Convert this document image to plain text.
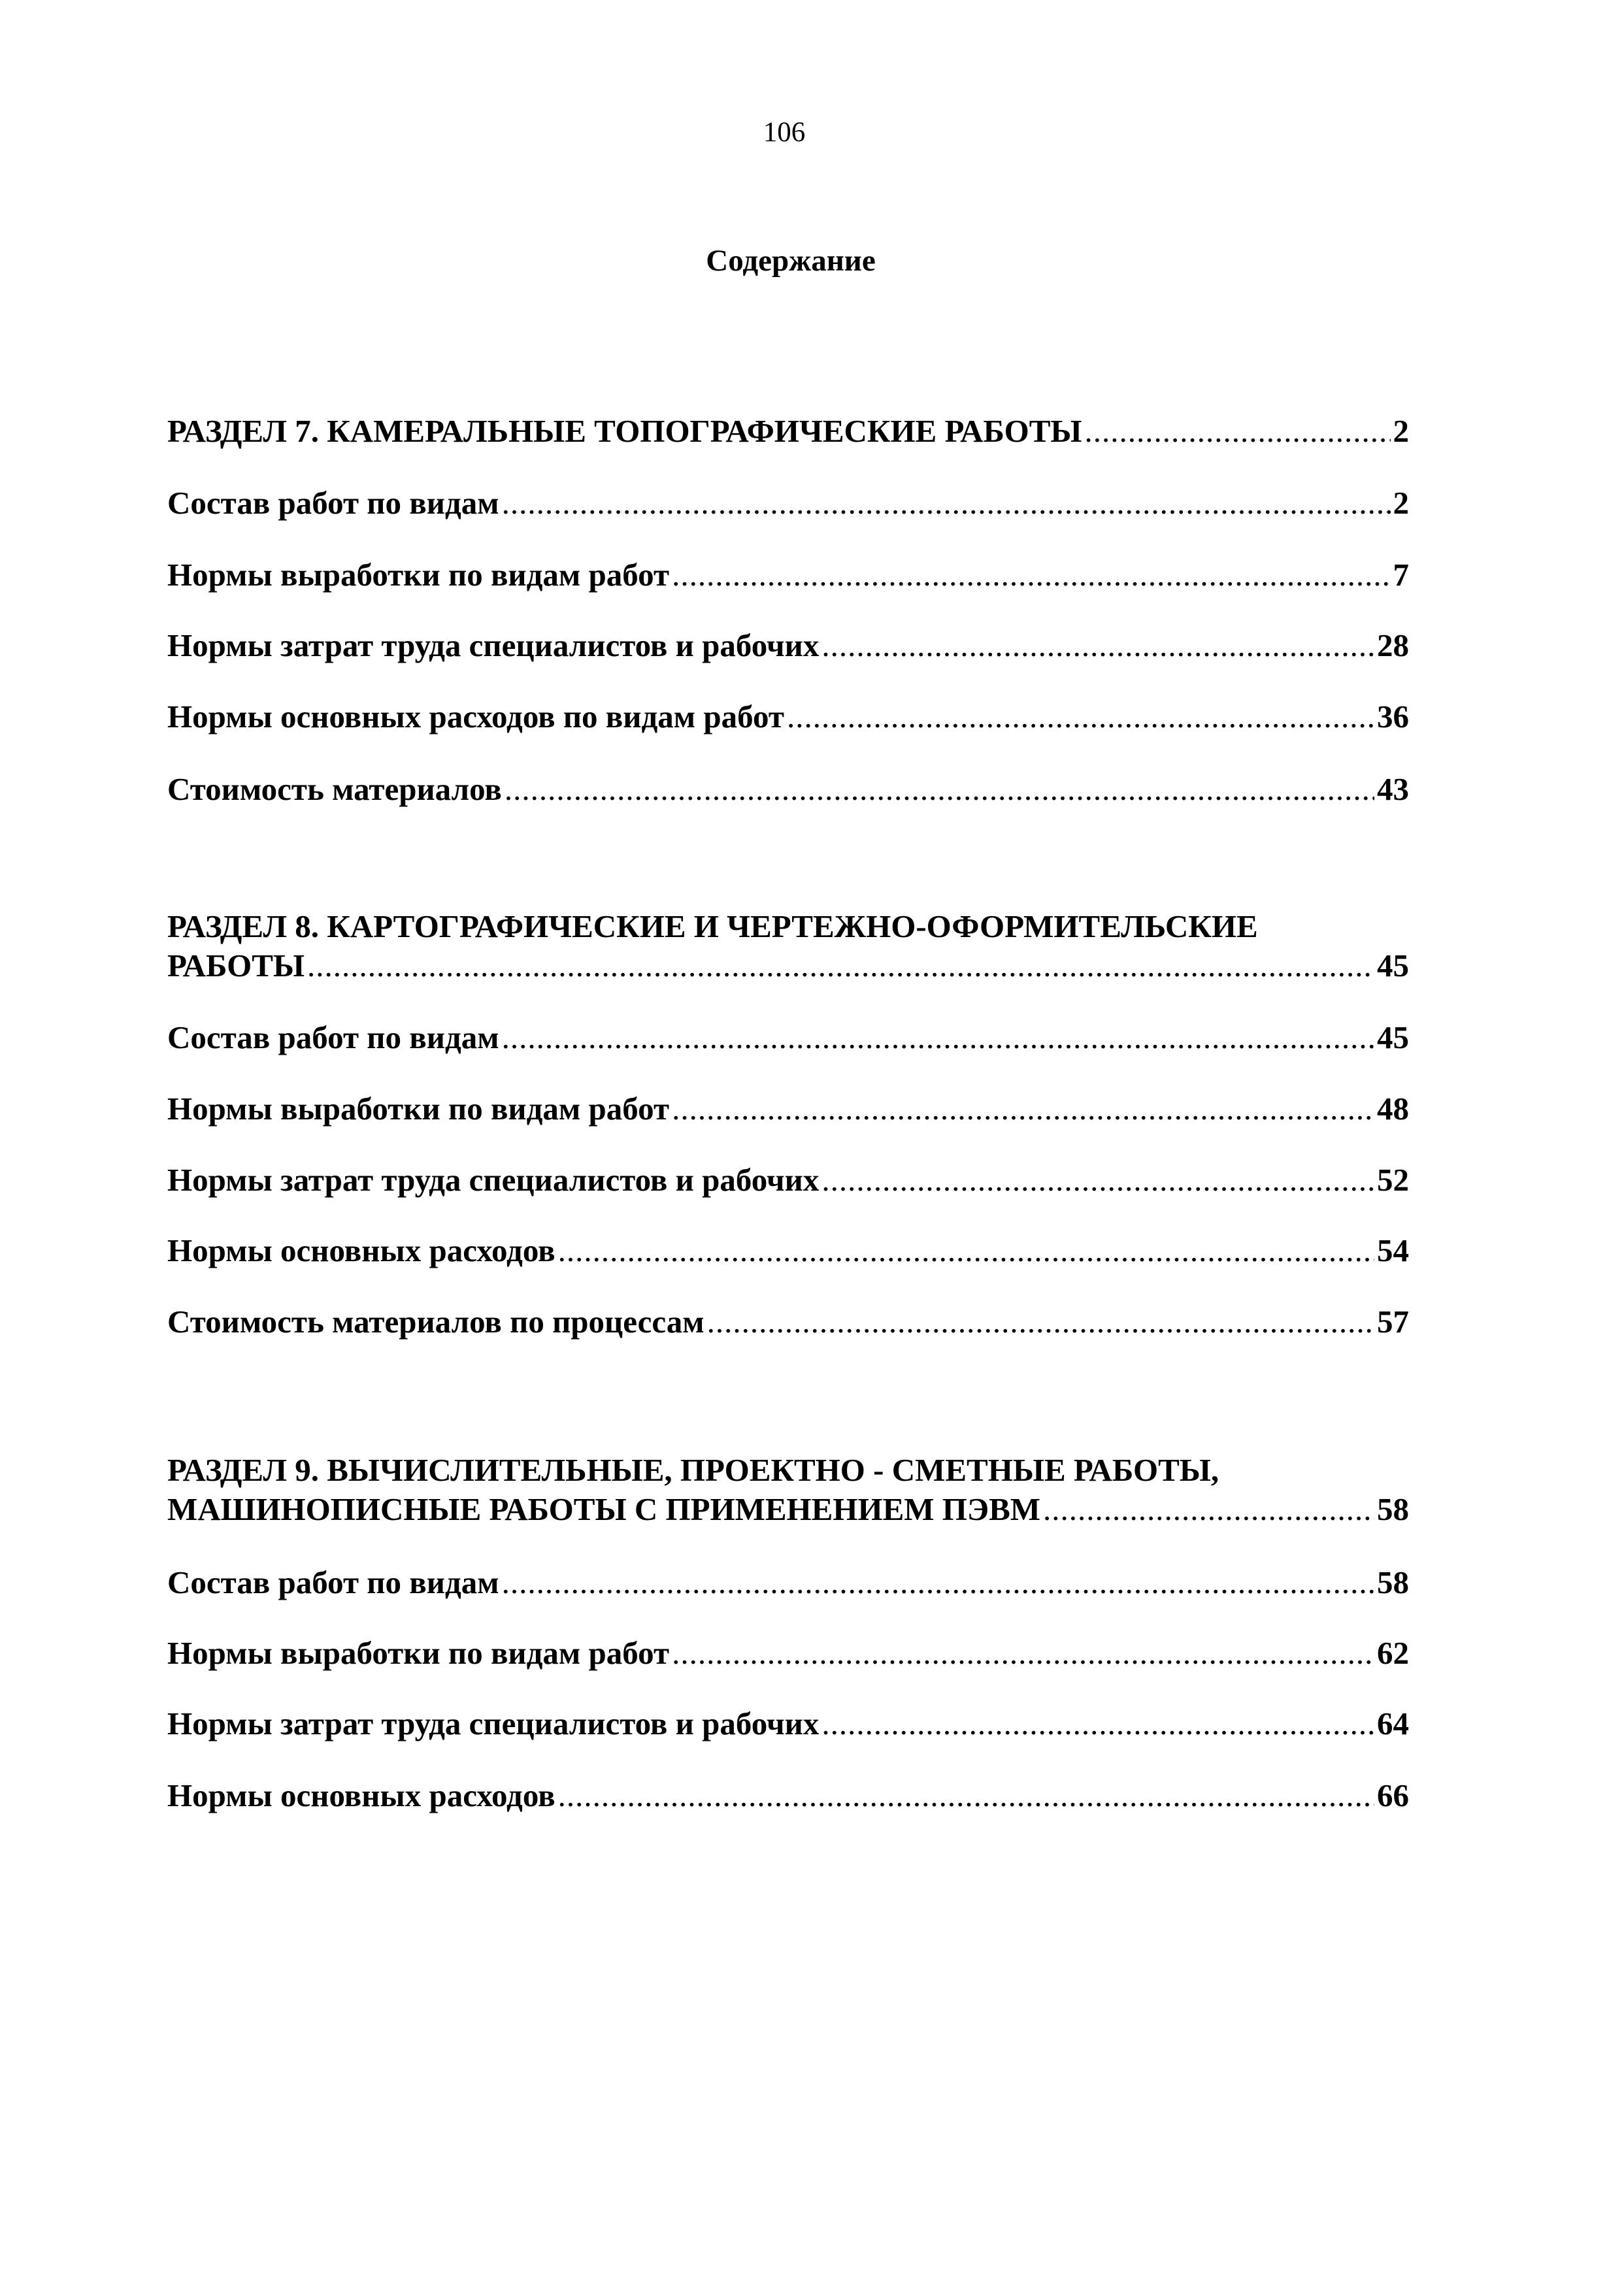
106
Содержание
РАЗДЕЛ 7. КАМЕРАЛЬНЫЕ ТОПОГРАФИЧЕСКИЕ РАБОТЫ .....	2
Состав работ по видам .....	2
Нормы выработки по видам работ .....	7
Нормы затрат труда специалистов и рабочих .....	28
Нормы основных расходов по видам работ .....	36
Стоимость материалов .....	43
РАЗДЕЛ 8. КАРТОГРАФИЧЕСКИЕ И ЧЕРТЕЖНО-ОФОРМИТЕЛЬСКИЕ
РАБОТЫ .....	45
Состав работ по видам .....	45
Нормы выработки по видам работ .....	48
Нормы затрат труда специалистов и рабочих .....	52
Нормы основных расходов .....	54
Стоимость материалов по процессам .....	57
РАЗДЕЛ 9. ВЫЧИСЛИТЕЛЬНЫЕ, ПРОЕКТНО - СМЕТНЫЕ РАБОТЫ,
МАШИНОПИСНЫЕ РАБОТЫ С ПРИМЕНЕНИЕМ ПЭВМ .....	58
Состав работ по видам .....	58
Нормы выработки по видам работ .....	62
Нормы затрат труда специалистов и рабочих .....	64
Нормы основных расходов .....	66
